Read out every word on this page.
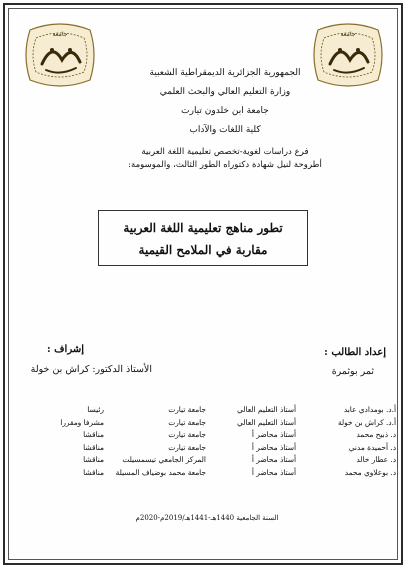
جامعة
جامعة
الجمهورية الجزائرية الديمقراطية الشعبية
وزارة التعليم العالي والبحث العلمي
جامعة ابن خلدون تيارت
كلية اللغات والآداب
فرع دراسات لغوية-تخصص تعليمية اللغة العربية
أطروحة لنيل شهادة دكتوراه الطور الثالث، والموسومة:
تطور مناهج تعليمية اللغة العربية
مقاربة في الملامح القيمية
إعداد الطالب :
ثمر بوثمرة
إشراف :
الأستاذ الدكتور: كراش بن خولة
أ.د. بومدادي عابد
أستاذ التعليم العالي
جامعة تيارت
رئيسا
أ.د. كراش بن خولة
أستاذ التعليم العالي
جامعة تيارت
مشرفا ومقررا
د. ذبيح محمد
أستاذ محاضر أ
جامعة تيارت
مناقشا
د. أحميدة مدني
أستاذ محاضر أ
جامعة تيارت
مناقشا
د. عطار خالد
أستاذ محاضر أ
المركز الجامعي تيسمسيلت
مناقشا
د. بوعلاوي محمد
أستاذ محاضر أ
جامعة محمد بوضياف المسيلة
مناقشا
السنة الجامعية 1440هـ-1441هـ/2019م-2020م
